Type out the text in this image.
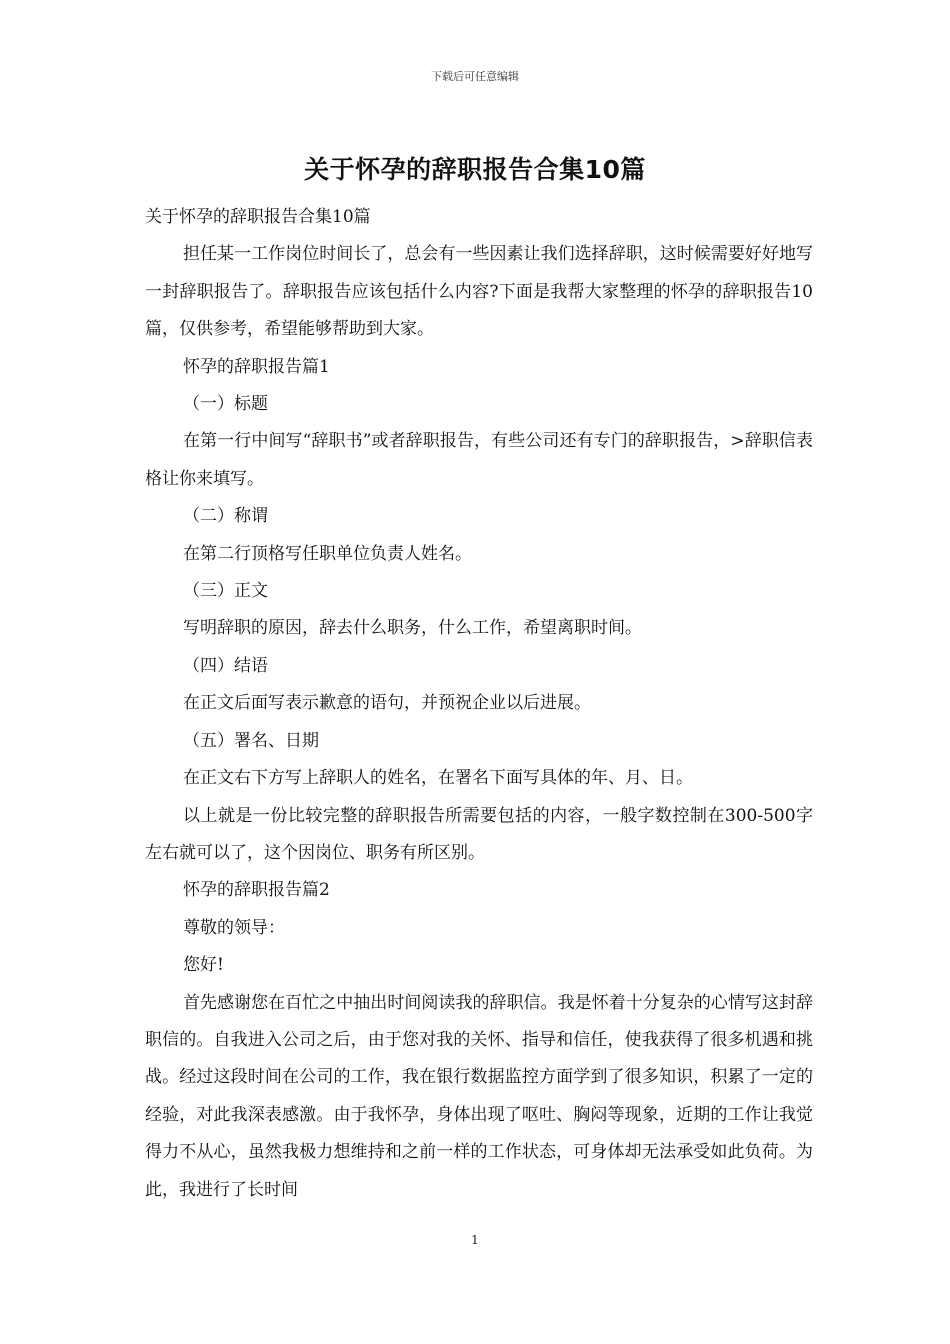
下载后可任意编辑
关于怀孕的辞职报告合集10篇

关于怀孕的辞职报告合集10篇

担任某一工作岗位时间长了，总会有一些因素让我们选择辞职，这时候需要好好地写一封辞职报告了。辞职报告应该包括什么内容?下面是我帮大家整理的怀孕的辞职报告10篇，仅供参考，希望能够帮助到大家。

怀孕的辞职报告篇1

（一）标题

在第一行中间写“辞职书”或者辞职报告，有些公司还有专门的辞职报告，>辞职信表格让你来填写。

（二）称谓

在第二行顶格写任职单位负责人姓名。

（三）正文

写明辞职的原因，辞去什么职务，什么工作，希望离职时间。

（四）结语

在正文后面写表示歉意的语句，并预祝企业以后进展。

（五）署名、日期

在正文右下方写上辞职人的姓名，在署名下面写具体的年、月、日。

以上就是一份比较完整的辞职报告所需要包括的内容，一般字数控制在300-500字左右就可以了，这个因岗位、职务有所区别。

怀孕的辞职报告篇2

尊敬的领导：

您好!

首先感谢您在百忙之中抽出时间阅读我的辞职信。我是怀着十分复杂的心情写这封辞职信的。自我进入公司之后，由于您对我的关怀、指导和信任，使我获得了很多机遇和挑战。经过这段时间在公司的工作，我在银行数据监控方面学到了很多知识，积累了一定的经验，对此我深表感激。由于我怀孕，身体出现了呕吐、胸闷等现象，近期的工作让我觉得力不从心，虽然我极力想维持和之前一样的工作状态，可身体却无法承受如此负荷。为此，我进行了长时间

1
